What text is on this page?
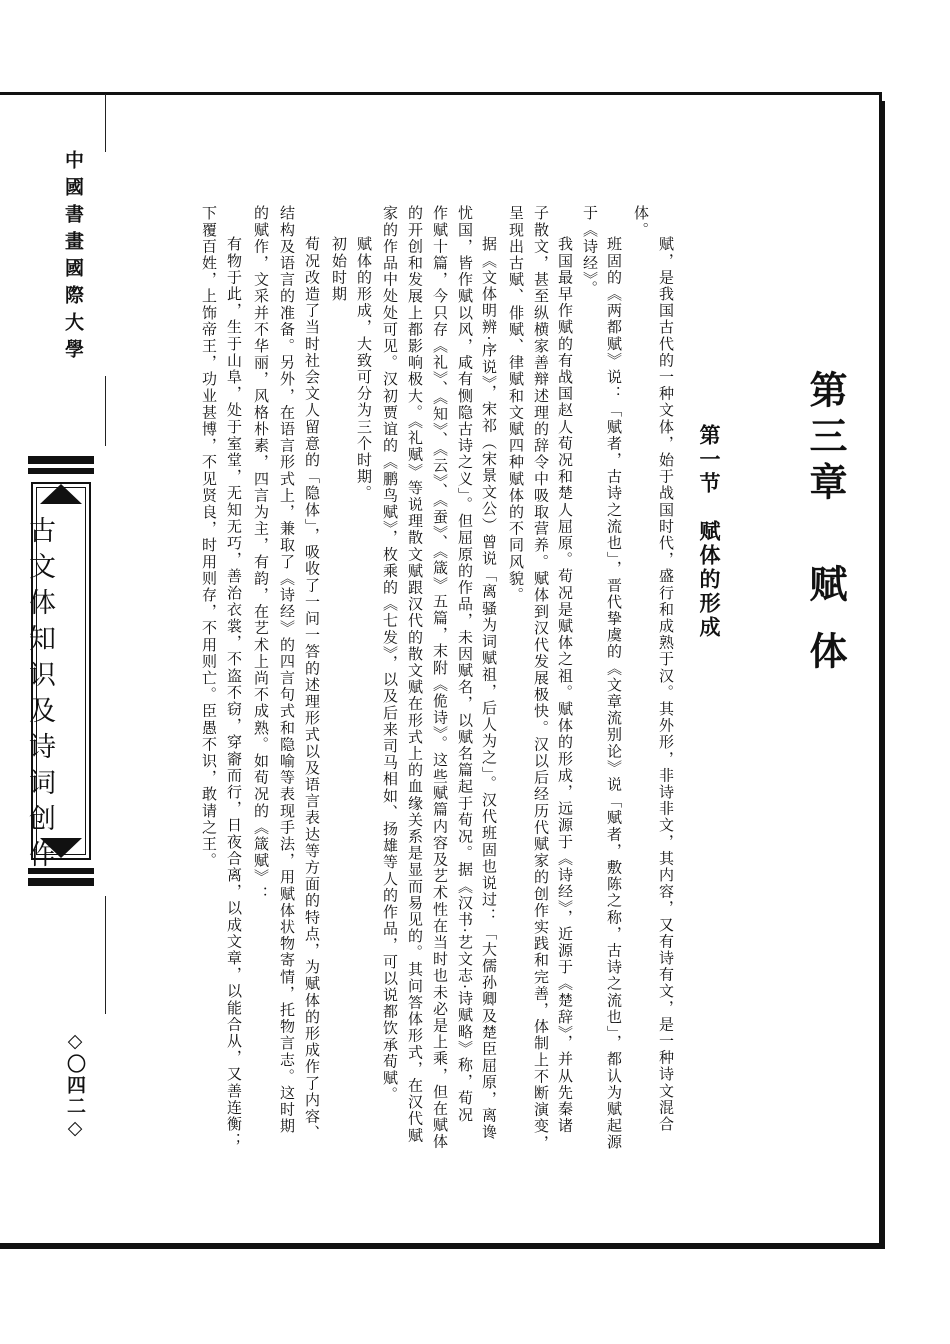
中國書畫國際大學
古文体知识及诗词创作
◇〇四二◇
第三章赋 体
第一节赋体的形成
赋，是我国古代的一种文体，始于战国时代，盛行和成熟于汉。其外形，非诗非文，其内容，又有诗有文，是一种诗文混合
体。
班固的《两都赋》说：「赋者，古诗之流也」，晋代挚虞的《文章流别论》说「赋者，敷陈之称，古诗之流也」，都认为赋起源
于《诗经》。
我国最早作赋的有战国赵人荀况和楚人屈原。荀况是赋体之祖。赋体的形成，远源于《诗经》，近源于《楚辞》，并从先秦诸
子散文，甚至纵横家善辩述理的辞令中吸取营养。赋体到汉代发展极快。汉以后经历代赋家的创作实践和完善，体制上不断演变，
呈现出古赋、俳赋、律赋和文赋四种赋体的不同风貌。
据《文体明辨·序说》，宋祁（宋景文公）曾说「离骚为词赋祖，后人为之」。汉代班固也说过：「大儒孙卿及楚臣屈原，离谗
忧国，皆作赋以风，咸有恻隐古诗之义」。但屈原的作品，未因赋名，以赋名篇起于荀况。据《汉书·艺文志·诗赋略》称，荀况
作赋十篇，今只存《礼》、《知》、《云》、《蚕》、《箴》五篇，末附《佹诗》。这些赋篇内容及艺术性在当时也未必是上乘，但在赋体
的开创和发展上都影响极大。《礼赋》等说理散文赋跟汉代的散文赋在形式上的血缘关系是显而易见的。其问答体形式，在汉代赋
家的作品中处处可见。汉初贾谊的《鹏鸟赋》，枚乘的《七发》，以及后来司马相如、扬雄等人的作品，可以说都饮承荀赋。
赋体的形成，大致可分为三个时期。
初始时期
荀况改造了当时社会文人留意的「隐体」，吸收了一问一答的述理形式以及语言表达等方面的特点，为赋体的形成作了内容、
结构及语言的准备。另外，在语言形式上，兼取了《诗经》的四言句式和隐喻等表现手法，用赋体状物寄情，托物言志。这时期
的赋作，文采并不华丽，风格朴素，四言为主，有韵，在艺术上尚不成熟。如荀况的《箴赋》：
有物于此，生于山阜，处于室堂，无知无巧，善治衣裳，不盗不窃，穿窬而行，日夜合离，以成文章，以能合从，又善连衡；
下覆百姓，上饰帝王，功业甚博，不见贤良，时用则存，不用则亡。臣愚不识，敢请之王。
